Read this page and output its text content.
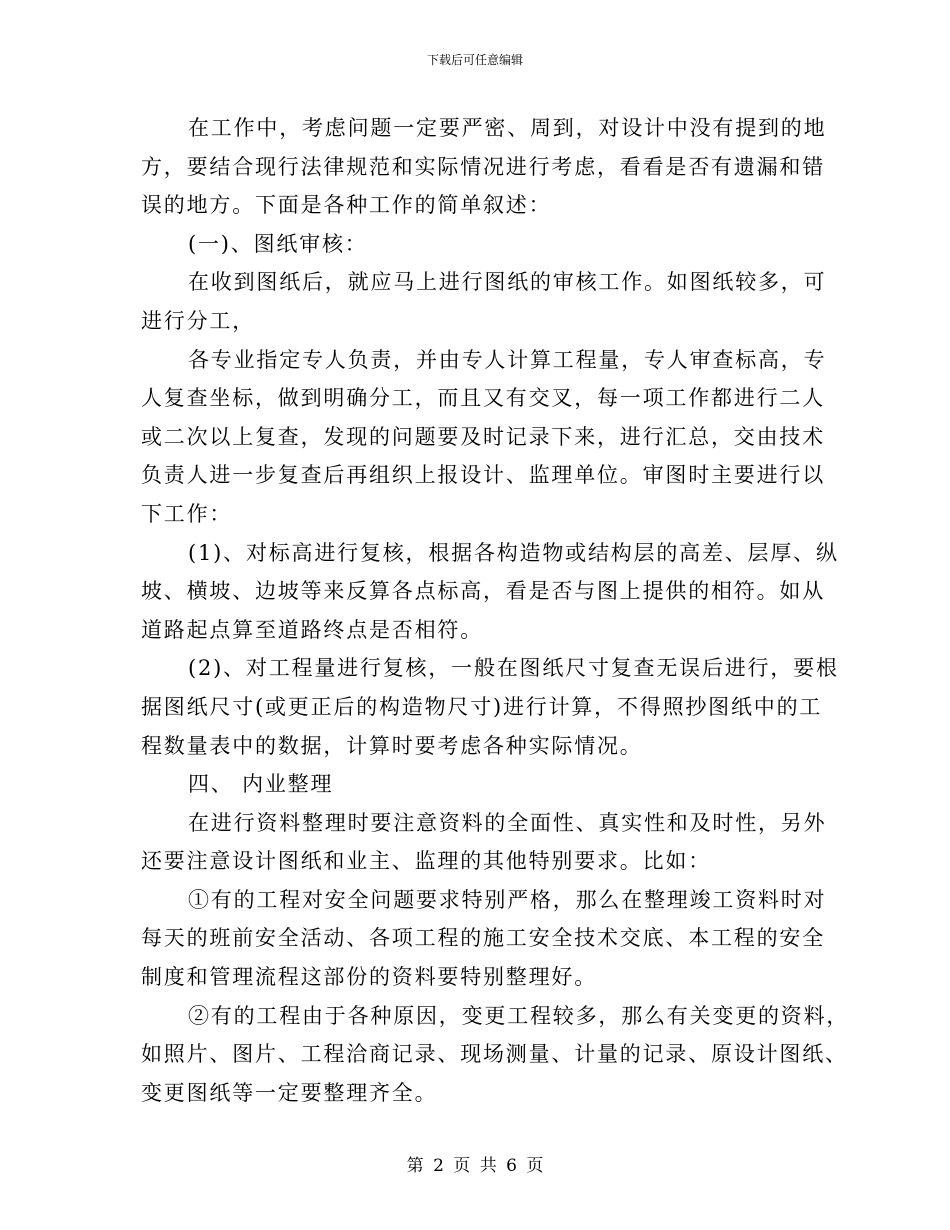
下载后可任意编辑
在工作中，考虑问题一定要严密、周到，对设计中没有提到的地
方，要结合现行法律规范和实际情况进行考虑，看看是否有遗漏和错
误的地方。下面是各种工作的简单叙述：
(一)、图纸审核：
在收到图纸后，就应马上进行图纸的审核工作。如图纸较多，可
进行分工，
各专业指定专人负责，并由专人计算工程量，专人审查标高，专
人复查坐标，做到明确分工，而且又有交叉，每一项工作都进行二人
或二次以上复查，发现的问题要及时记录下来，进行汇总，交由技术
负责人进一步复查后再组织上报设计、监理单位。审图时主要进行以
下工作：
(1)、对标高进行复核，根据各构造物或结构层的高差、层厚、纵
坡、横坡、边坡等来反算各点标高，看是否与图上提供的相符。如从
道路起点算至道路终点是否相符。
(2)、对工程量进行复核，一般在图纸尺寸复查无误后进行，要根
据图纸尺寸(或更正后的构造物尺寸)进行计算，不得照抄图纸中的工
程数量表中的数据，计算时要考虑各种实际情况。
四、 内业整理
在进行资料整理时要注意资料的全面性、真实性和及时性，另外
还要注意设计图纸和业主、监理的其他特别要求。比如：
①有的工程对安全问题要求特别严格，那么在整理竣工资料时对
每天的班前安全活动、各项工程的施工安全技术交底、本工程的安全
制度和管理流程这部份的资料要特别整理好。
②有的工程由于各种原因，变更工程较多，那么有关变更的资料，
如照片、图片、工程洽商记录、现场测量、计量的记录、原设计图纸、
变更图纸等一定要整理齐全。
第 2 页 共 6 页
